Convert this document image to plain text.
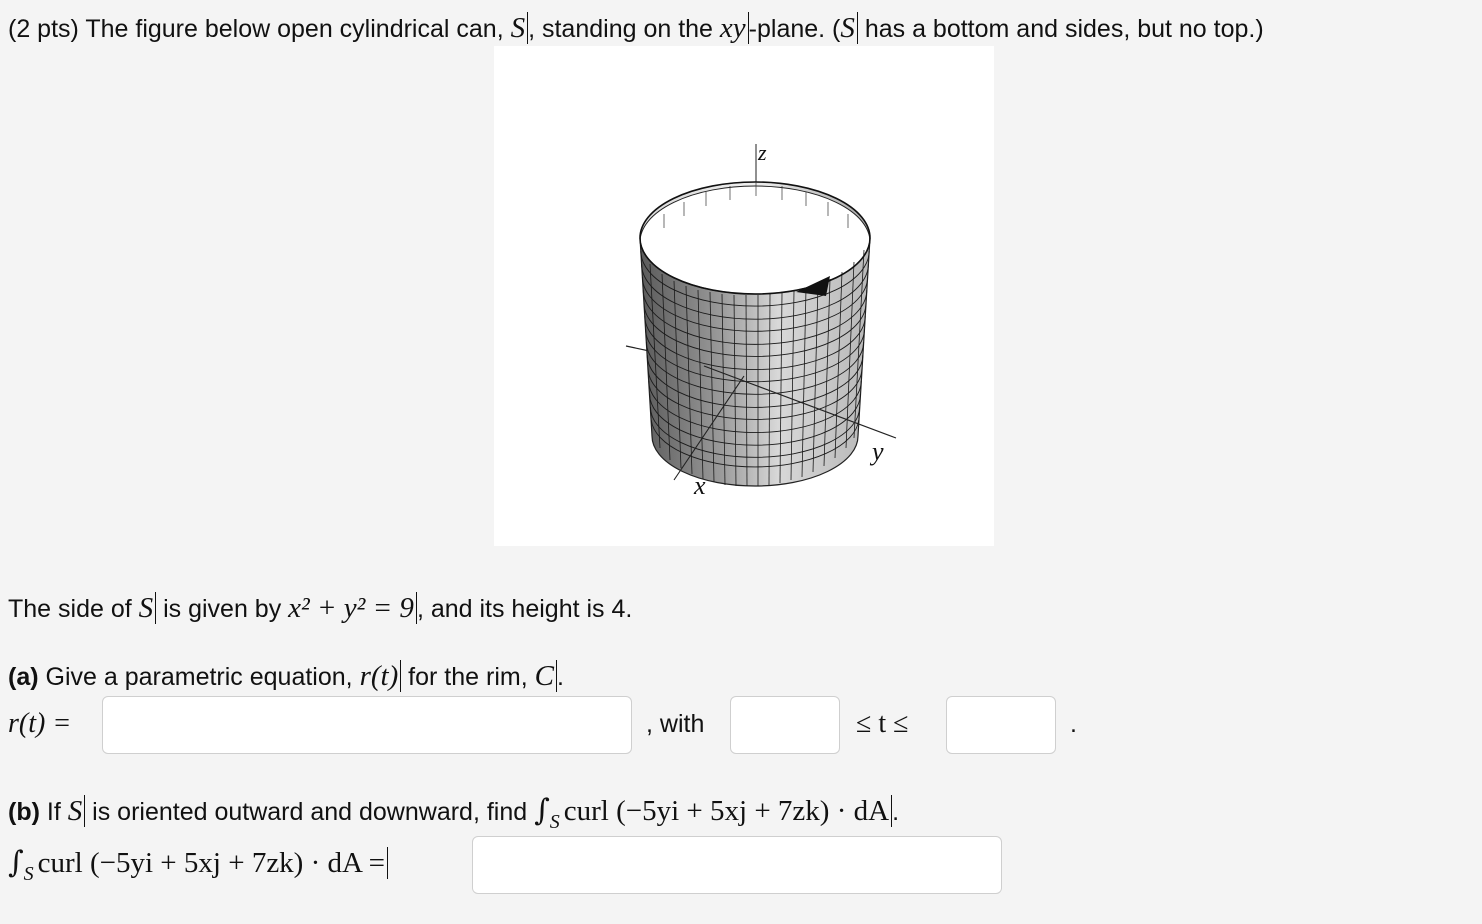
(2 pts) The figure below open cylindrical can, S , standing on the xy -plane. (S has a bottom and sides, but no top.)
z
x
y
The side of S is given by x² + y² = 9 , and its height is 4.
(a) Give a parametric equation, r(t) for the rim, C .
r(t) =	, with	≤ t ≤	.
(b) If S is oriented outward and downward, find $\int_S$ curl (−5yi + 5xj + 7zk) · dA .
$\int_S$ curl (−5yi + 5xj + 7zk) · dA =
